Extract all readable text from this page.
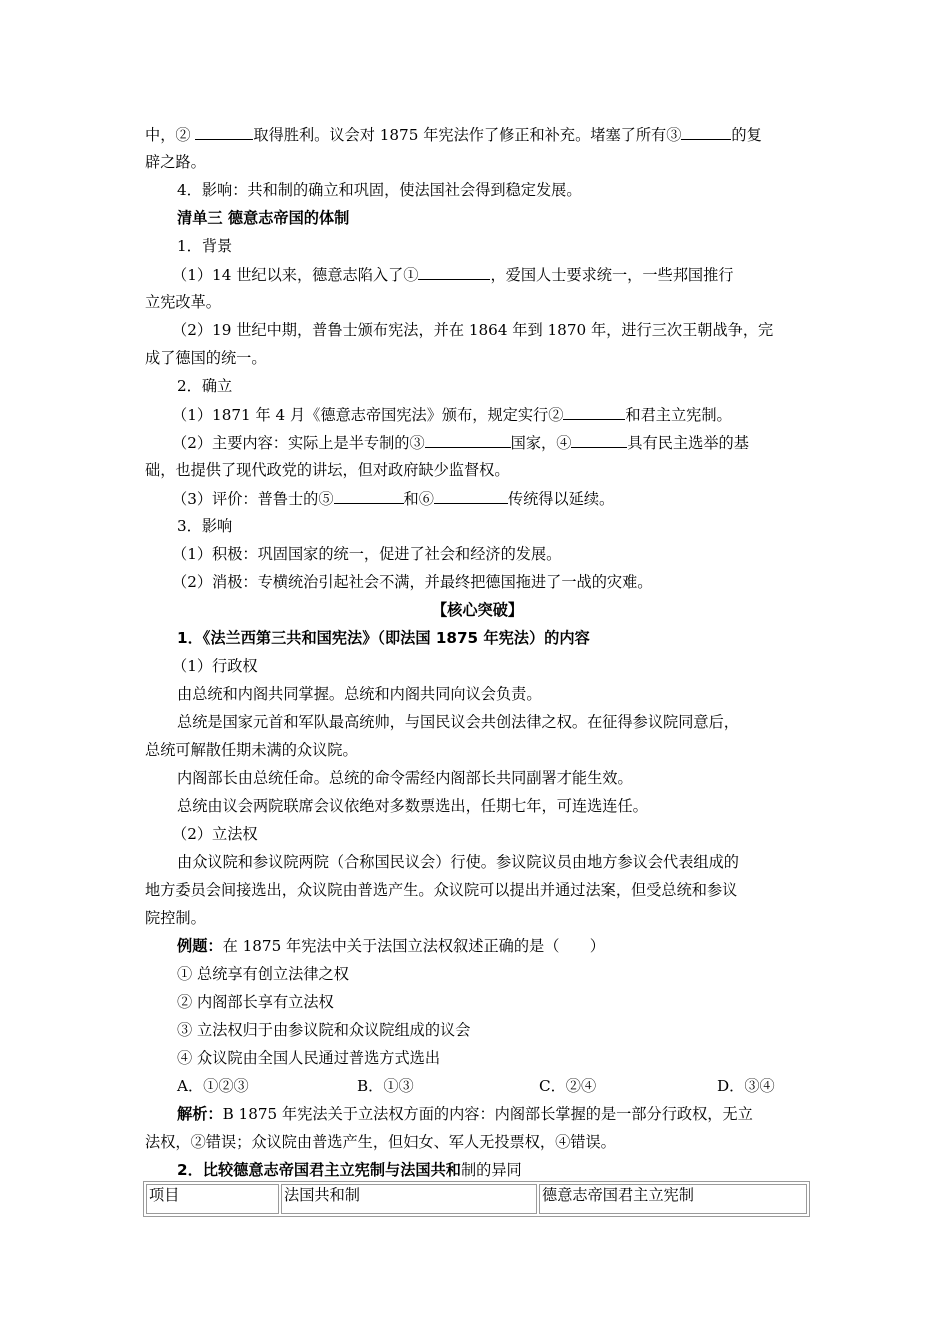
中，②	取得胜利。议会对 1875 年宪法作了修正和补充。堵塞了所有③	的复
辟之路。
4．影响：共和制的确立和巩固，使法国社会得到稳定发展。
清单三 德意志帝国的体制
1．背景
（1）14 世纪以来，德意志陷入了①	，爱国人士要求统一，一些邦国推行
立宪改革。
（2）19 世纪中期，普鲁士颁布宪法，并在 1864 年到 1870 年，进行三次王朝战争，完
成了德国的统一。
2．确立
（1）1871 年 4 月《德意志帝国宪法》颁布，规定实行②	和君主立宪制。
（2）主要内容：实际上是半专制的③	国家，④	具有民主选举的基
础，也提供了现代政党的讲坛，但对政府缺少监督权。
（3）评价：普鲁士的⑤	和⑥	传统得以延续。
3．影响
（1）积极：巩固国家的统一，促进了社会和经济的发展。
（2）消极：专横统治引起社会不满，并最终把德国拖进了一战的灾难。
【核心突破】
1．《法兰西第三共和国宪法》（即法国 1875 年宪法）的内容
（1）行政权
由总统和内阁共同掌握。总统和内阁共同向议会负责。
总统是国家元首和军队最高统帅，与国民议会共创法律之权。在征得参议院同意后，
总统可解散任期未满的众议院。
内阁部长由总统任命。总统的命令需经内阁部长共同副署才能生效。
总统由议会两院联席会议依绝对多数票选出，任期七年，可连选连任。
（2）立法权
由众议院和参议院两院（合称国民议会）行使。参议院议员由地方参议会代表组成的
地方委员会间接选出，众议院由普选产生。众议院可以提出并通过法案，但受总统和参议
院控制。
例题：在 1875 年宪法中关于法国立法权叙述正确的是（　　）
① 总统享有创立法律之权
② 内阁部长享有立法权
③ 立法权归于由参议院和众议院组成的议会
④ 众议院由全国人民通过普选方式选出
A．①②③	B．①③	C．②④	D．③④
解析：B 1875 年宪法关于立法权方面的内容：内阁部长掌握的是一部分行政权，无立
法权，②错误；众议院由普选产生，但妇女、军人无投票权，④错误。
2．比较德意志帝国君主立宪制与法国共和制的异同
项目	法国共和制	德意志帝国君主立宪制
